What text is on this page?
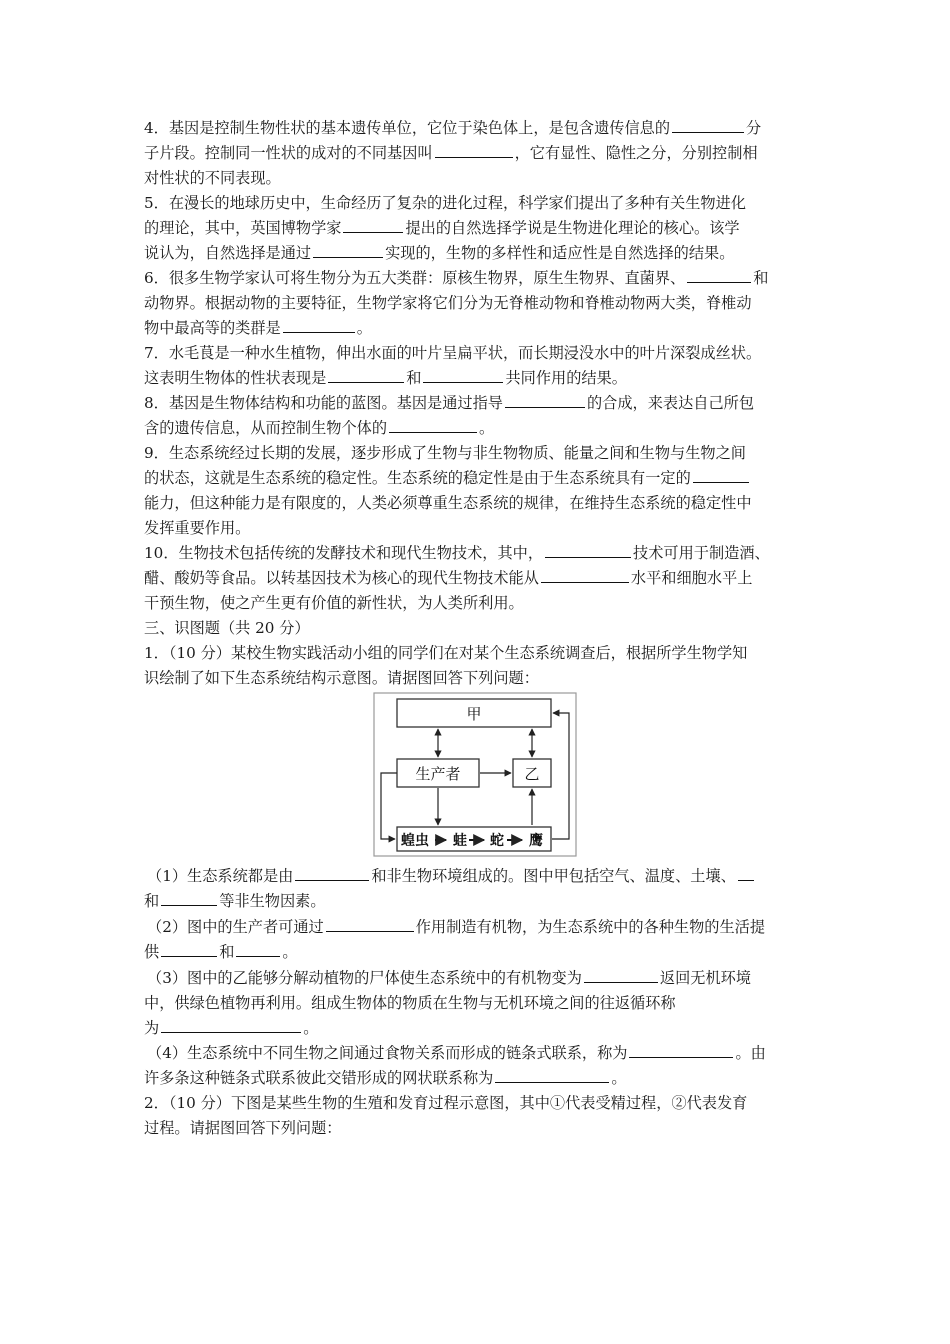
4．基因是控制生物性状的基本遗传单位，它位于染色体上，是包含遗传信息的	分
子片段。控制同一性状的成对的不同基因叫	，它有显性、隐性之分，分别控制相
对性状的不同表现。
5．在漫长的地球历史中，生命经历了复杂的进化过程，科学家们提出了多种有关生物进化
的理论，其中，英国博物学家	提出的自然选择学说是生物进化理论的核心。该学
说认为，自然选择是通过	实现的，生物的多样性和适应性是自然选择的结果。
6．很多生物学家认可将生物分为五大类群：原核生物界，原生生物界、直菌界、	和
动物界。根据动物的主要特征，生物学家将它们分为无脊椎动物和脊椎动物两大类，脊椎动
物中最高等的类群是	。
7．水毛茛是一种水生植物，伸出水面的叶片呈扁平状，而长期浸没水中的叶片深裂成丝状。
这表明生物体的性状表现是	和	共同作用的结果。
8．基因是生物体结构和功能的蓝图。基因是通过指导	的合成，来表达自己所包
含的遗传信息，从而控制生物个体的	。
9．生态系统经过长期的发展，逐步形成了生物与非生物物质、能量之间和生物与生物之间
的状态，这就是生态系统的稳定性。生态系统的稳定性是由于生态系统具有一定的
能力，但这种能力是有限度的，人类必须尊重生态系统的规律，在维持生态系统的稳定性中
发挥重要作用。
10．生物技术包括传统的发酵技术和现代生物技术，其中，	技术可用于制造酒、
醋、酸奶等食品。以转基因技术为核心的现代生物技术能从	水平和细胞水平上
干预生物，使之产生更有价值的新性状，为人类所利用。
三、识图题（共 20 分）
1．（10 分）某校生物实践活动小组的同学们在对某个生态系统调查后，根据所学生物学知
识绘制了如下生态系统结构示意图。请据图回答下列问题：
甲
生产者	乙
蝗虫 蛙 蛇 鹰
（1）生态系统都是由	和非生物环境组成的。图中甲包括空气、温度、土壤、
和	等非生物因素。
（2）图中的生产者可通过	作用制造有机物，为生态系统中的各种生物的生活提
供	和	。
（3）图中的乙能够分解动植物的尸体使生态系统中的有机物变为	返回无机环境
中，供绿色植物再利用。组成生物体的物质在生物与无机环境之间的往返循环称
为	。
（4）生态系统中不同生物之间通过食物关系而形成的链条式联系，称为	。由
许多条这种链条式联系彼此交错形成的网状联系称为	。
2．（10 分）下图是某些生物的生殖和发育过程示意图，其中①代表受精过程，②代表发育
过程。请据图回答下列问题：
